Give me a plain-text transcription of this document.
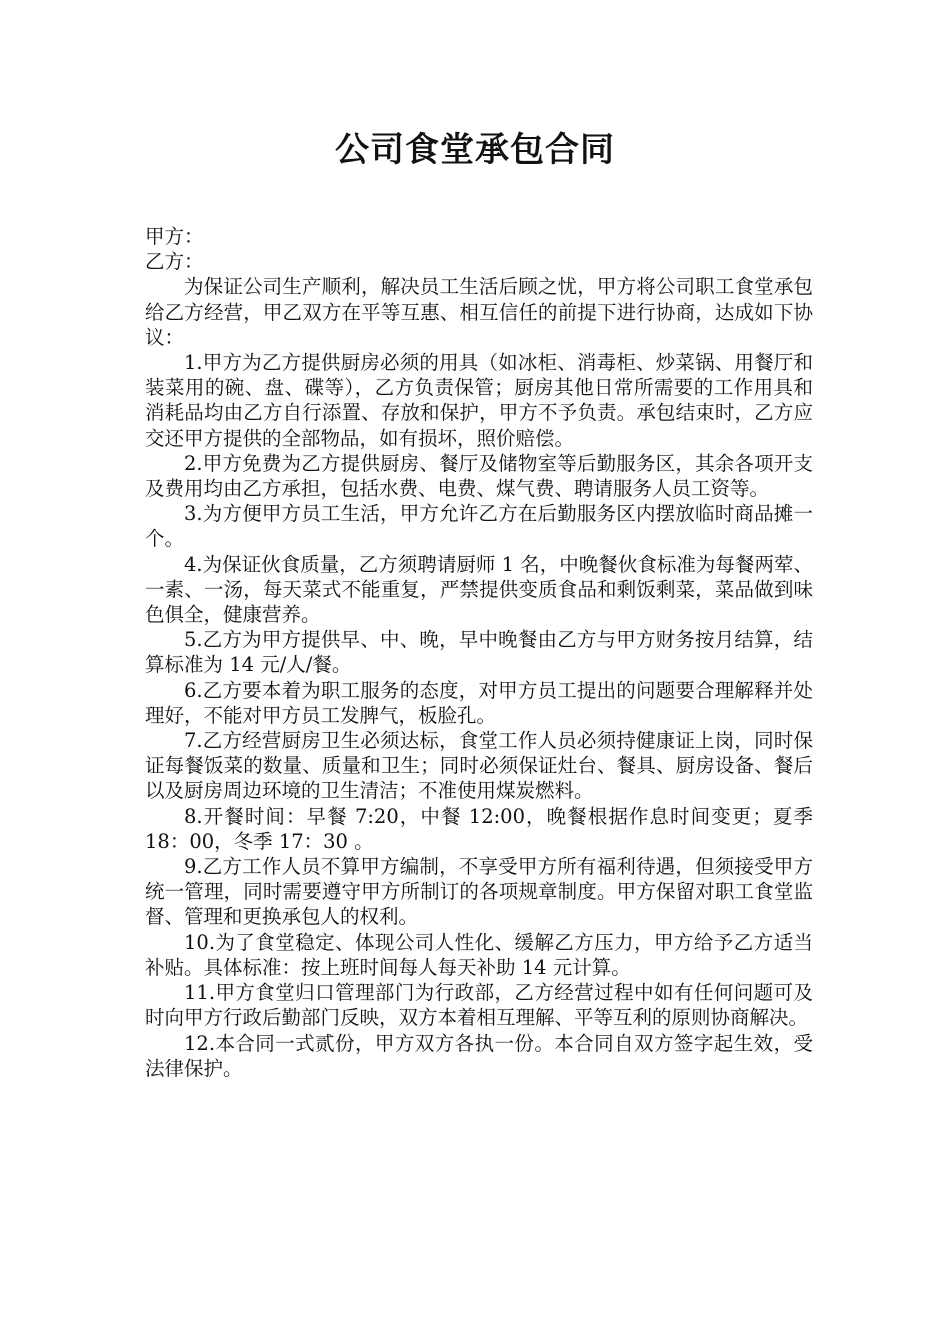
公司食堂承包合同

甲方：

乙方：

为保证公司生产顺利，解决员工生活后顾之忧，甲方将公司职工食堂承包给乙方经营，甲乙双方在平等互惠、相互信任的前提下进行协商，达成如下协议：

1.甲方为乙方提供厨房必须的用具（如冰柜、消毒柜、炒菜锅、用餐厅和装菜用的碗、盘、碟等），乙方负责保管；厨房其他日常所需要的工作用具和消耗品均由乙方自行添置、存放和保护，甲方不予负责。承包结束时，乙方应交还甲方提供的全部物品，如有损坏，照价赔偿。

2.甲方免费为乙方提供厨房、餐厅及储物室等后勤服务区，其余各项开支及费用均由乙方承担，包括水费、电费、煤气费、聘请服务人员工资等。

3.为方便甲方员工生活，甲方允许乙方在后勤服务区内摆放临时商品摊一个。

4.为保证伙食质量，乙方须聘请厨师 1 名，中晚餐伙食标准为每餐两荤、一素、一汤，每天菜式不能重复，严禁提供变质食品和剩饭剩菜，菜品做到味色俱全，健康营养。

5.乙方为甲方提供早、中、晚，早中晚餐由乙方与甲方财务按月结算，结算标准为 14 元/人/餐。

6.乙方要本着为职工服务的态度，对甲方员工提出的问题要合理解释并处理好，不能对甲方员工发脾气，板脸孔。

7.乙方经营厨房卫生必须达标，食堂工作人员必须持健康证上岗，同时保证每餐饭菜的数量、质量和卫生；同时必须保证灶台、餐具、厨房设备、餐后以及厨房周边环境的卫生清洁；不准使用煤炭燃料。

8.开餐时间：早餐 7:20，中餐 12:00，晚餐根据作息时间变更；夏季 18：00，冬季 17：30 。

9.乙方工作人员不算甲方编制，不享受甲方所有福利待遇，但须接受甲方统一管理，同时需要遵守甲方所制订的各项规章制度。甲方保留对职工食堂监督、管理和更换承包人的权利。

10.为了食堂稳定、体现公司人性化、缓解乙方压力，甲方给予乙方适当补贴。具体标准：按上班时间每人每天补助 14 元计算。

11.甲方食堂归口管理部门为行政部，乙方经营过程中如有任何问题可及时向甲方行政后勤部门反映，双方本着相互理解、平等互利的原则协商解决。

12.本合同一式贰份，甲方双方各执一份。本合同自双方签字起生效，受法律保护。
